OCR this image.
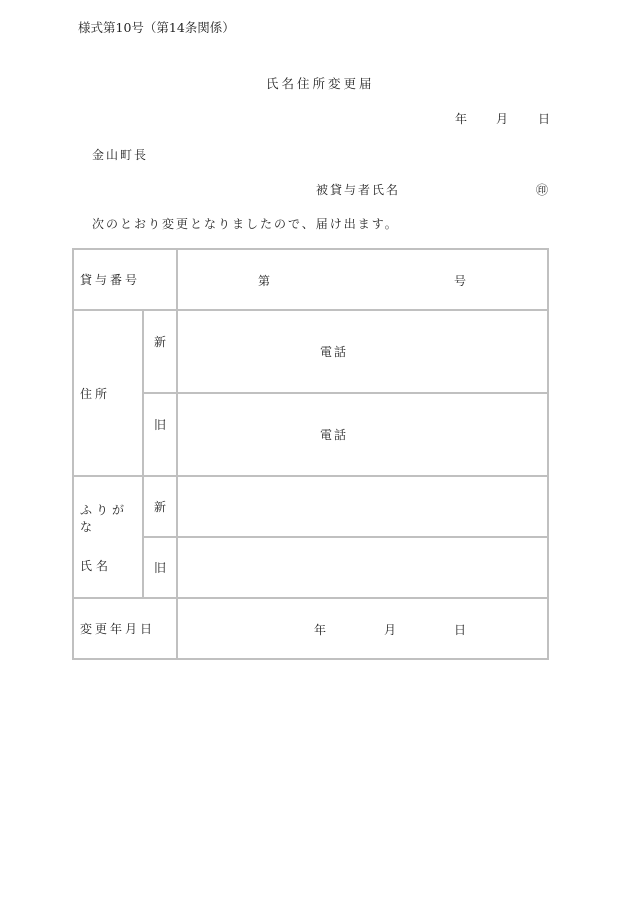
様式第10号（第14条関係）
氏名住所変更届
年 月 日
金山町長
被貸与者氏名	㊞
次のとおり変更となりましたので、届け出ます。
貸与番号		第 号

住所	新	電話

	旧	電話

ふりがな
氏名	新	
	旧	
変更年月日		年 月 日
